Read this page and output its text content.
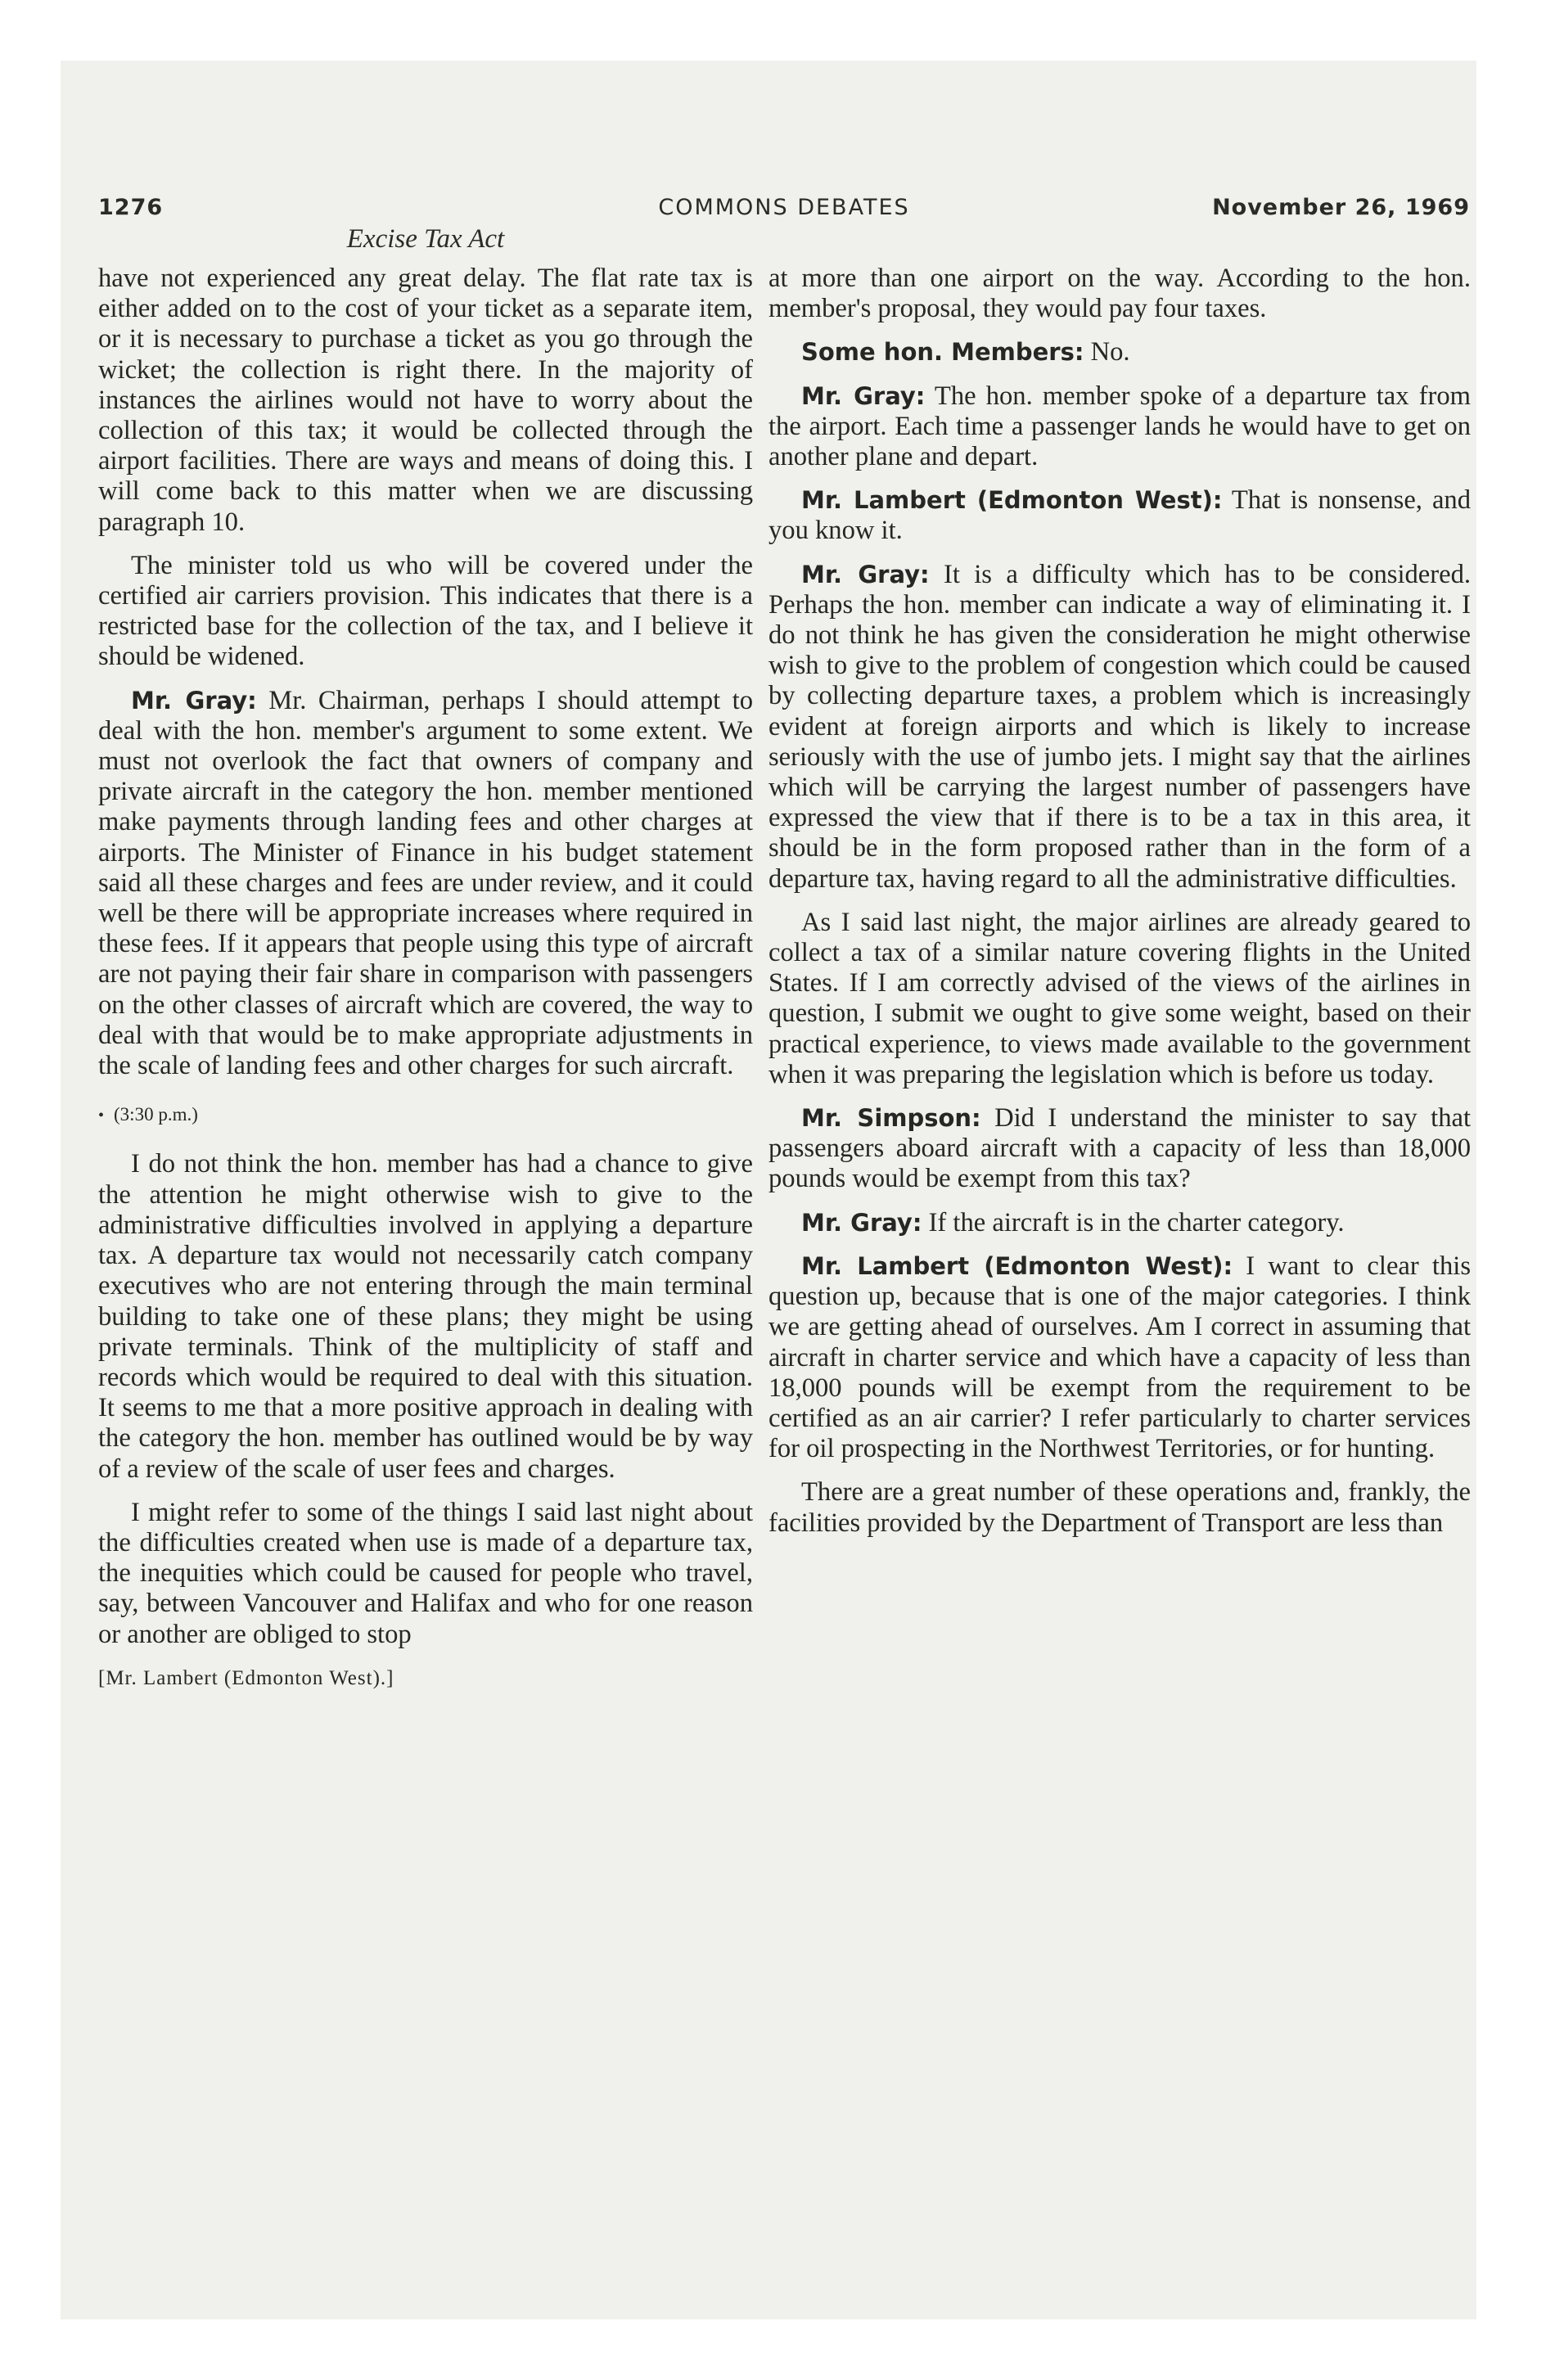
1276	COMMONS DEBATES	November 26, 1969
Excise Tax Act

have not experienced any great delay. The flat rate tax is either added on to the cost of your ticket as a separate item, or it is necessary to purchase a ticket as you go through the wicket; the collection is right there. In the majority of instances the airlines would not have to worry about the collection of this tax; it would be collected through the airport facilities. There are ways and means of doing this. I will come back to this matter when we are discussing paragraph 10.

The minister told us who will be covered under the certified air carriers provision. This indicates that there is a restricted base for the collection of the tax, and I believe it should be widened.

Mr. Gray: Mr. Chairman, perhaps I should attempt to deal with the hon. member's argument to some extent. We must not overlook the fact that owners of company and private aircraft in the category the hon. member mentioned make payments through landing fees and other charges at airports. The Minister of Finance in his budget statement said all these charges and fees are under review, and it could well be there will be appropriate increases where required in these fees. If it appears that people using this type of aircraft are not paying their fair share in comparison with passengers on the other classes of aircraft which are covered, the way to deal with that would be to make appropriate adjustments in the scale of landing fees and other charges for such aircraft.

• (3:30 p.m.)

I do not think the hon. member has had a chance to give the attention he might otherwise wish to give to the administrative difficulties involved in applying a departure tax. A departure tax would not necessarily catch company executives who are not entering through the main terminal building to take one of these plans; they might be using private terminals. Think of the multiplicity of staff and records which would be required to deal with this situation. It seems to me that a more positive approach in dealing with the category the hon. member has outlined would be by way of a review of the scale of user fees and charges.

I might refer to some of the things I said last night about the difficulties created when use is made of a departure tax, the inequities which could be caused for people who travel, say, between Vancouver and Halifax and who for one reason or another are obliged to stop

[Mr. Lambert (Edmonton West).]

at more than one airport on the way. According to the hon. member's proposal, they would pay four taxes.

Some hon. Members: No.

Mr. Gray: The hon. member spoke of a departure tax from the airport. Each time a passenger lands he would have to get on another plane and depart.

Mr. Lambert (Edmonton West): That is nonsense, and you know it.

Mr. Gray: It is a difficulty which has to be considered. Perhaps the hon. member can indicate a way of eliminating it. I do not think he has given the consideration he might otherwise wish to give to the problem of congestion which could be caused by collecting departure taxes, a problem which is increasingly evident at foreign airports and which is likely to increase seriously with the use of jumbo jets. I might say that the airlines which will be carrying the largest number of passengers have expressed the view that if there is to be a tax in this area, it should be in the form proposed rather than in the form of a departure tax, having regard to all the administrative difficulties.

As I said last night, the major airlines are already geared to collect a tax of a similar nature covering flights in the United States. If I am correctly advised of the views of the airlines in question, I submit we ought to give some weight, based on their practical experience, to views made available to the government when it was preparing the legislation which is before us today.

Mr. Simpson: Did I understand the minister to say that passengers aboard aircraft with a capacity of less than 18,000 pounds would be exempt from this tax?

Mr. Gray: If the aircraft is in the charter category.

Mr. Lambert (Edmonton West): I want to clear this question up, because that is one of the major categories. I think we are getting ahead of ourselves. Am I correct in assuming that aircraft in charter service and which have a capacity of less than 18,000 pounds will be exempt from the requirement to be certified as an air carrier? I refer particularly to charter services for oil prospecting in the Northwest Territories, or for hunting.

There are a great number of these operations and, frankly, the facilities provided by the Department of Transport are less than
